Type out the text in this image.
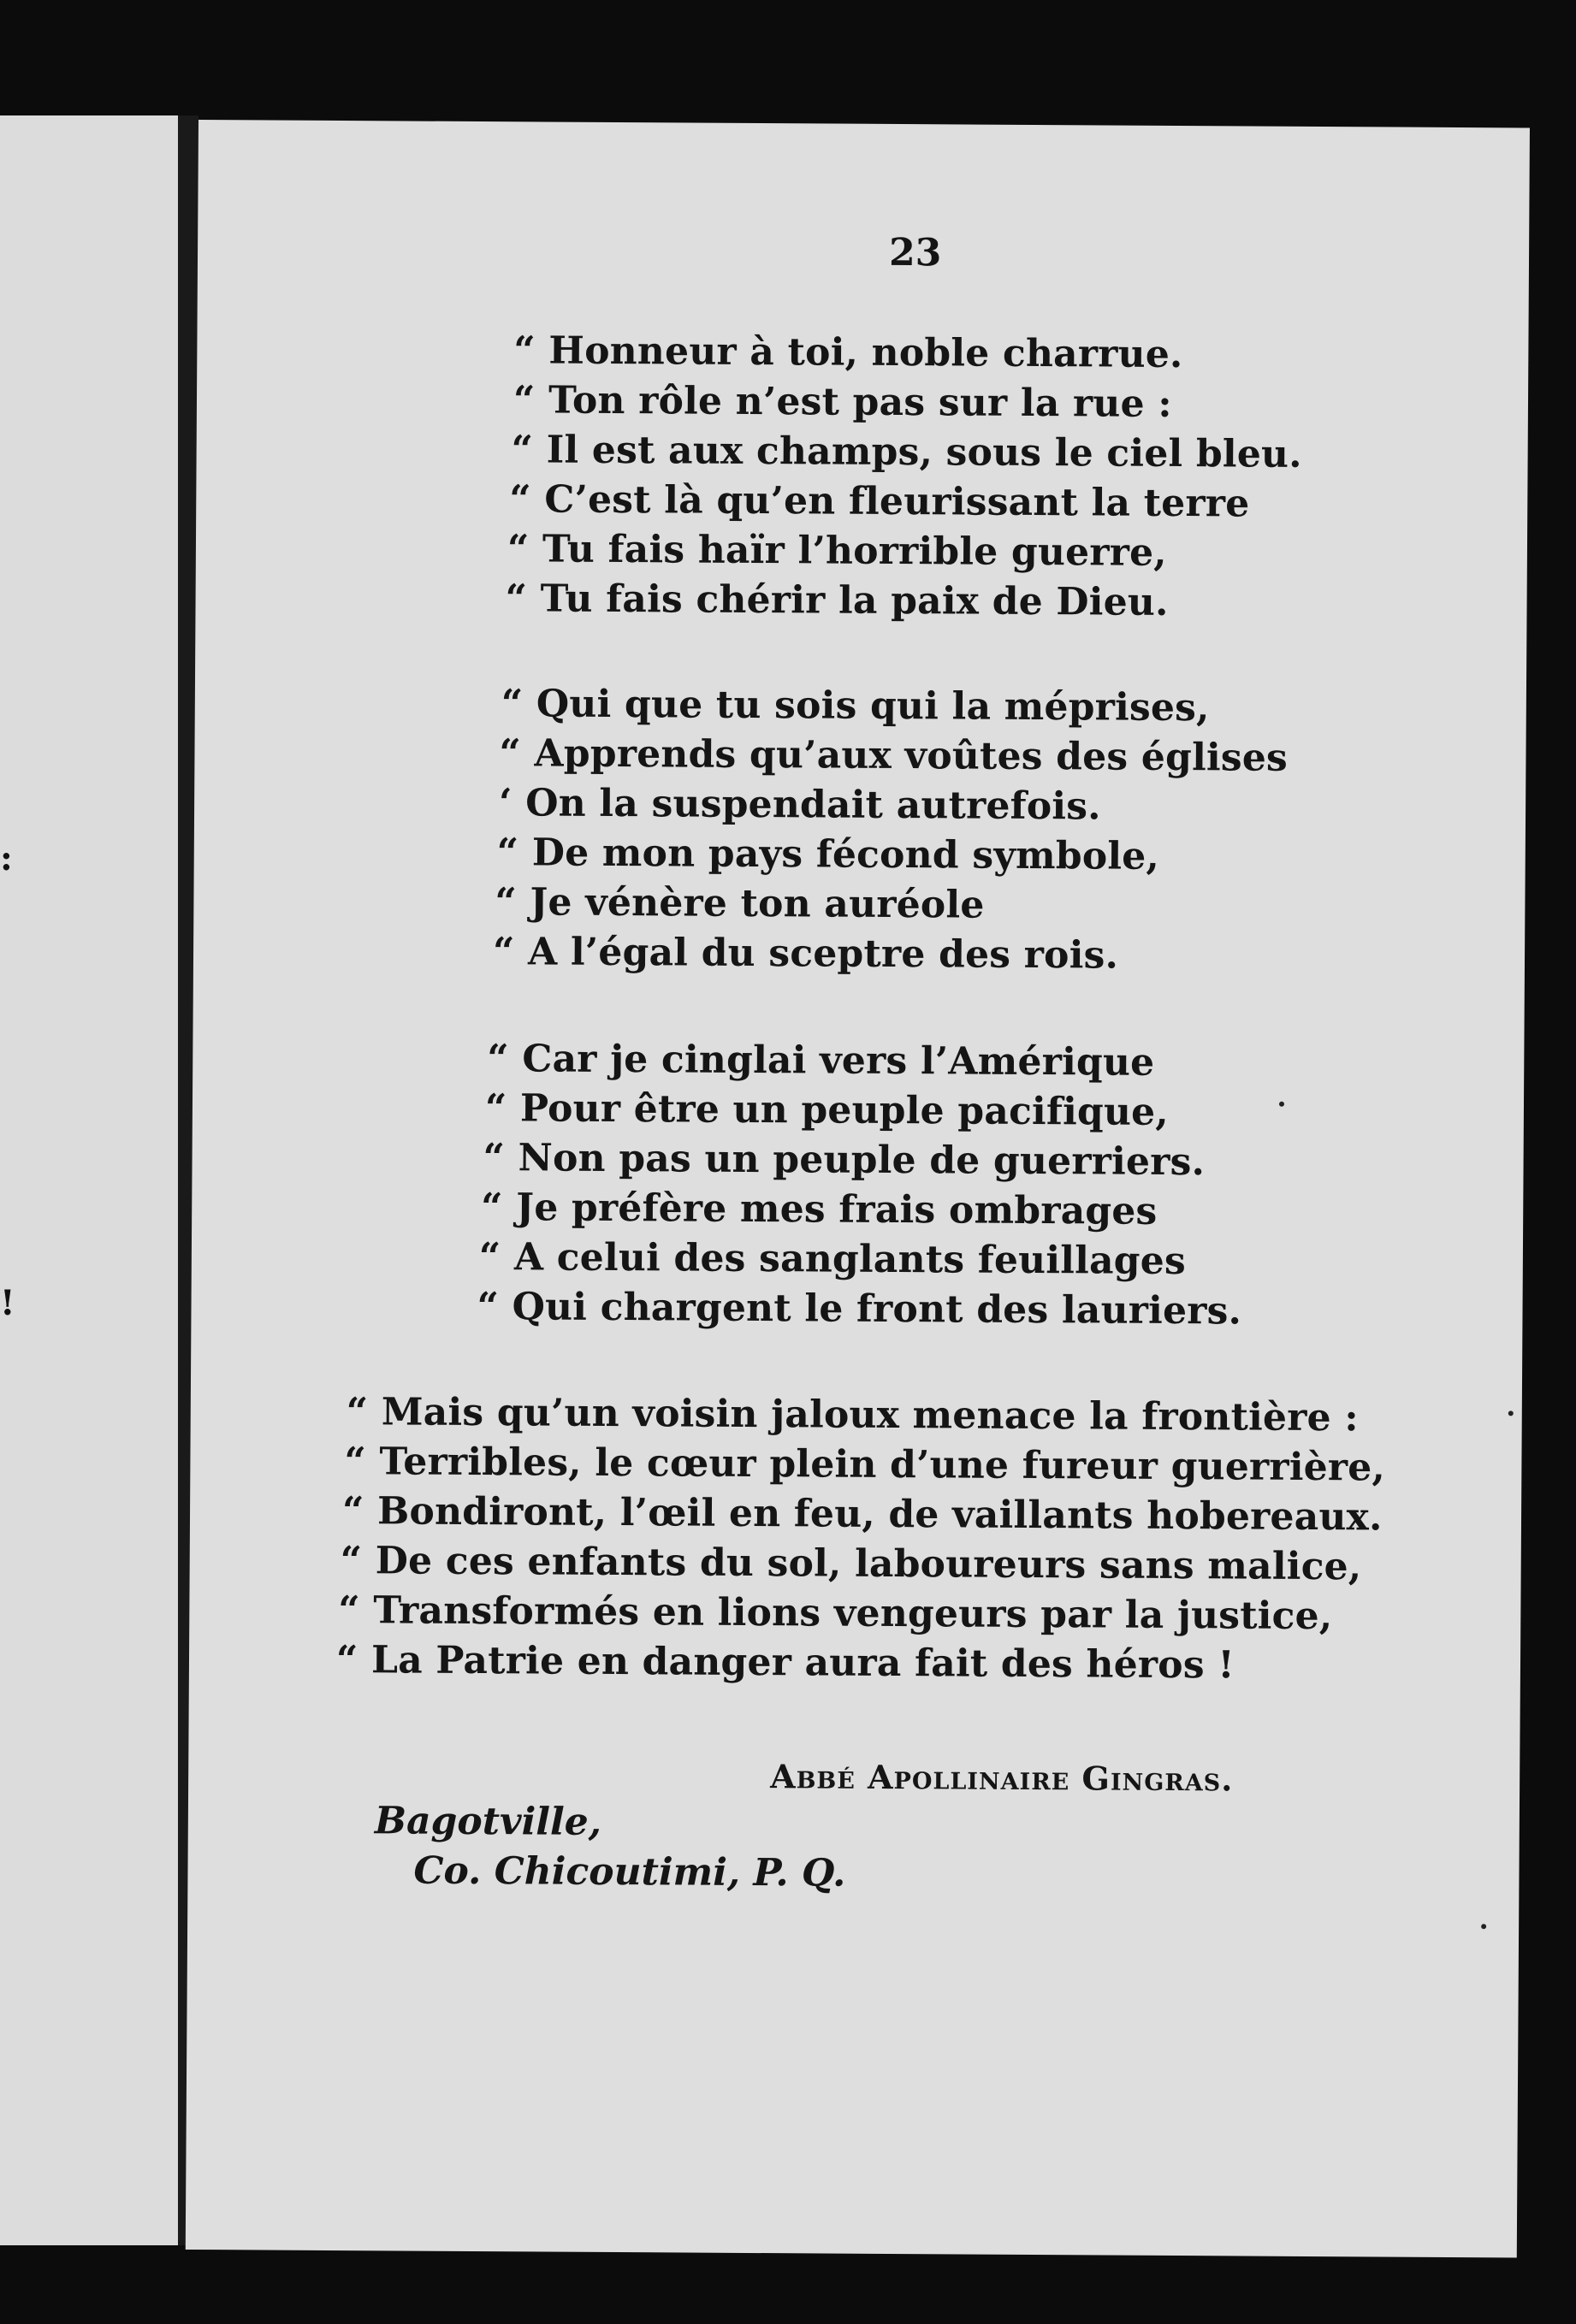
:
!
23
“ Honneur à toi, noble charrue.
“ Ton rôle n’est pas sur la rue :
“ Il est aux champs, sous le ciel bleu.
“ C’est là qu’en fleurissant la terre
“ Tu fais haïr l’horrible guerre,
“ Tu fais chérir la paix de Dieu.
“ Qui que tu sois qui la méprises,
“ Apprends qu’aux voûtes des églises
‘ On la suspendait autrefois.
“ De mon pays fécond symbole,
“ Je vénère ton auréole
“ A l’égal du sceptre des rois.
“ Car je cinglai vers l’Amérique
“ Pour être un peuple pacifique,
“ Non pas un peuple de guerriers.
“ Je préfère mes frais ombrages
“ A celui des sanglants feuillages
“ Qui chargent le front des lauriers.
“ Mais qu’un voisin jaloux menace la frontière :
“ Terribles, le cœur plein d’une fureur guerrière,
“ Bondiront, l’œil en feu, de vaillants hobereaux.
“ De ces enfants du sol, laboureurs sans malice,
“ Transformés en lions vengeurs par la justice,
“ La Patrie en danger aura fait des héros !
Abbé Apollinaire Gingras.
Bagotville,
Co. Chicoutimi, P. Q.
